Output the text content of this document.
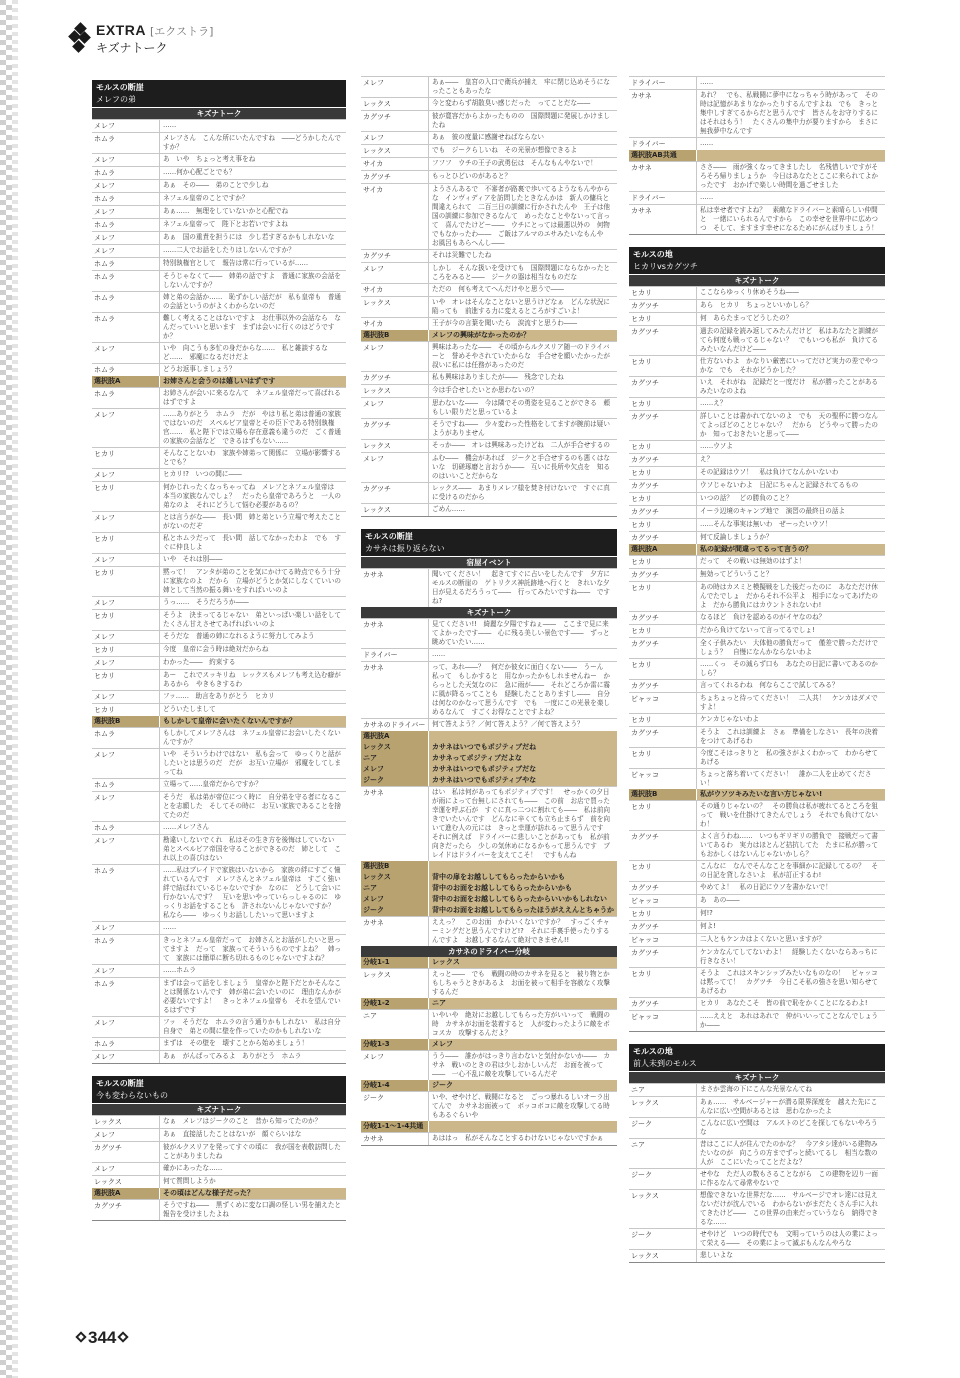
EXTRA [エクストラ]
キズナトーク
モルスの断崖
メレフの弟
キズナトーク
メレフ	……
ホムラ	メレフさん　こんな所にいたんですね　――どうかしたんですか？
メレフ	あ　いや　ちょっと考え事をね
ホムラ	……何か心配ごとでも？
メレフ	あぁ　その――　弟のことで少しね
ホムラ	ネフェル皇帝のことですか？
メレフ	あぁ……　無理をしていないかと心配でね
ホムラ	ネフェル皇帝って　陛下とお若いですよね
メレフ	あぁ　国の重責を担うには　少し若すぎるかもしれないな
メレフ	……二人でお話をしたりはしないんですか？
ホムラ	特別執権官として　報告は常に行っているが……
ホムラ	そうじゃなくて――　姉弟の話ですよ　普通に家族の会話をしないんですか？
ホムラ	姉と弟の会話か……　恥ずかしい話だが　私も皇帝も　普通の会話というのがよくわからないのだ
ホムラ	難しく考えることはないですよ　お仕事以外の会話なら　なんだっていいと思います　まずは会いに行くのはどうですか？
メレフ	いや　向こうも多忙の身だからな……　私と雑談するなど……　邪魔になるだけだよ
ホムラ	どうお返事しましょう？
選択肢A	お姉さんと会うのは嬉しいはずです
ホムラ	お姉さんが会いに来るなんて　ネフェル皇帝だって喜ばれるはずですよ
メレフ	……ありがとう　ホムラ　だが　やはり私と弟は普通の家族ではないのだ　スペルビア皇帝とその臣下である特別執権官……　私と陛下では立場も存在意義も違うのだ　ごく普通の家族の会話など　できるはずもない……
ヒカリ	そんなことないわ　家族や姉弟って関係に　立場が影響するとでも？
メレフ	ヒカリ!?　いつの間に――
ヒカリ	何かじれったくなっちゃってね　メレフとネフェル皇帝は　本当の家族なんでしょ？　だったら皇帝であろうと　一人の弟なのよ　それにどうして悩む必要があるの？
メレフ	とは言うがな――　長い間　姉と弟という立場で考えたことがないのだぞ
ヒカリ	私とホムラだって　長い間　話してなかったわよ　でも　すぐに仲良しよ
メレフ	いや　それは別――
ヒカリ	黙って！　アンタが弟のことを気にかけてる時点でもう十分に家族なのよ　だから　立場がどうとか気にしなくていいの　姉として当然の振る舞いをすればいいのよ
メレフ	うっ……　そうだろうか――
ヒカリ	そうよ　決まってるじゃない　弟といっぱい楽しい話をして　たくさん甘えさせてあげればいいのよ
メレフ	そうだな　普通の姉になれるように努力してみよう
ヒカリ	今度　皇帝に会う時は絶対だからね
メレフ	わかった――　約束する
ヒカリ	あー　これでスッキリね　レックスもメレフも考え込む癖があるから　やきもきするわ
メレフ	フッ……　助言をありがとう　ヒカリ
ヒカリ	どういたしまして
選択肢B	もしかして皇帝に会いたくないんですか？
ホムラ	もしかしてメレフさんは　ネフェル皇帝にお会いしたくないんですか？
メレフ	いや　そういうわけではない　私も会って　ゆっくりと話がしたいとは思うのだ　だが　お互い立場が　邪魔をしてしまってね
ホムラ	立場って……皇帝だからですか？
メレフ	そうだ　私は弟が帝位につく時に　自分弟を守る者になることを志願した　そしてその時に　お互い家族であることを捨てたのだ
ホムラ	……メレフさん
メレフ	勘違いしないでくれ　私はその生き方を後悔はしていない　弟とスペルビア帝国を守ることができるのだ　姉として　これ以上の喜びはない
ホムラ	……私はブレイドで家族はいないから　家族の絆にすごく憧れているんです　メレフさんとネフェル皇帝は　すごく強い絆で結ばれているじゃないですか　なのに　どうして会いに行かないんです？　互いを思いやっていらっしゃるのに　ゆっくりお話をすることも　許されないんじゃないですか？　私なら――　ゆっくりお話ししたいって思いますよ
メレフ	……
ホムラ	きっとネフェル皇帝だって　お姉さんとお話がしたいと思ってますよ　だって　家族ってそういうものですよね？　姉って　家族には簡単に断ち切れるものじゃないですよね？
メレフ	……ホムラ
ホムラ	まずは会って話をしましょう　皇帝かと陛下だとかそんなことは関係ないんです　姉が弟に会いたいのに　理由なんかが必要ないですよ！　きっとネフェル皇帝も　それを望んでいるはずです
メレフ	フッ　そうだな　ホムラの言う通りかもしれない　私は自分自身で　弟との間に壁を作っていたのかもしれないな
ホムラ	まずは　その壁を　壊すことから始めましょう！
メレフ	あぁ　がんばってみるよ　ありがとう　ホムラ
モルスの断崖
今も変わらないもの
キズナトーク
レックス	なぁ　メレフはジークのこと　昔から知ってたのか？
メレフ	あぁ　直接話したことはないが　顔ぐらいはな
カグツチ	彼がルクスリアを発ってすぐの頃に　我が国を表敬訪問したことがありましたね
メレフ	確かにあったな……
レックス	何て質問しようか
選択肢A	その頃はどんな様子だった？
カグツチ	そうですね――　黒ずくめに変な口調の怪しい男を捕えたと　報告を受けましたよね
メレフ	あぁ――　皇宮の入口で衛兵が捕え　牢に閉じ込めそうになったこともあったな
レックス	今と変わらず胡散臭い感じだった　ってことだな――
カグツチ	彼が寛容だからよかったものの　国際問題に発展しかけましたね
メレフ	あぁ　彼の度量に感謝せねばならない
レックス	でも　ジークらしいね　その光景が想像できるよ
サイカ	フフフ　ウチの王子の武勇伝は　そんなもんやないで！
カグツチ	もっとひどいのがあると？
サイカ	ようさんあるで　不審者が路裏で歩いてるようなもんやからな　インヴィディアを訪問したときなんかは　新人の傭兵と間違えられて　二百三日の訓練に行かされたんや　王子は他国の訓練に参加できるなんて　めったなことやないって言って　喜んでたけどー――　ウチにとっては最悪以外の　何物でもなかったわ――　ご飯はアルマのエサみたいなもんや　お風呂もあらへんし――
カグツチ	それは災難でしたね
メレフ	しかし　そんな扱いを受けても　国際問題にならなかったところをみると――　ジークの器は相当なものだな
サイカ	ただの　何も考えてへんだけやと思うで――
レックス	いや　オレはそんなことないと思うけどなぁ　どんな状況に陥っても　前進する力に変えるところがすごいよ！
サイカ	王子が今の言葉を聞いたら　涙流すと思うわ――
選択肢B	メレフの興味がなかったのか？
メレフ	興味はあったな――　その頃からルクスリア随一のドライバーと　誉めそやされていたからな　手合せを願いたかったが　叔いに私には任務があったのだ
カグツチ	私も興味はありましたが――　残念でしたね
レックス	今は手合せしたいとか思わないの？
メレフ	思わないな――　今は隣でその勇姿を見ることができる　頼もしい限りだと思っているよ
カグツチ	そうですね――　少々変わった性格をしてますが腕前は疑いようがありません
レックス	そっか――　オレは興味あったけどね　二人が手合せするの
メレフ	ふむ――　機会があれば　ジークと手合せするのも悪くはないな　切磋琢磨と言おうか――　互いに長所や欠点を　知るのはいいことだからな
カグツチ	レックス――　あまりメレフ様を焚き付けないで　すぐに真に受けるのだから
レックス	ごめん……
モルスの断崖
カサネは振り返らない
宿屋イベント
カサネ	聞いてください！　起きてすぐに占いをしたんです　夕方にモルスの断崖の　ゲトリクス神託跡地へ行くと　きれいな夕日が見えるだろうって――　行ってみたいですね――　ですね?
キズナトーク
カサネ	見てください!!　綺麗な夕陽ですねぇ――　ここまで見に来てよかったです――　心に残る美しい景色です――　ずっと眺めていたい……
ドライバー	……
カサネ	って、あれ――？　何だか彼女に面白くない――　うーん　私って　もしかすると　用なかったかもしれませんねー　からっとした天気なのに　急に雨が――　それどころか雷に霧に風が降るってことも　経験したことありますし――　自分は何なのかなって思うんです　でも　一度にこの光景を楽しめるなんて　すごくお得なことですよね？
カサネのドライバー	何て答えよう？／何て答えよう？／何て答えよう？
選択肢A
レックス	カサネはいつでもポジティブだね
ニア	カサネってポジティブだよな
メレフ	カサネはいつでもポジティブだな
ジーク	カサネはいつでもポジティブやな
カサネ	はい　私は何があってもポジティブです！　せっかくの夕日が雨によって台無しにされても――　この前　お店で買った幸運を呼ぶ石が　すぐに真っ二つに割れても――　私は前向きでいたいんです　どんなに辛くても立ち止まらず　前を向いて進む人の元には　きっと幸運が訪れるって思うんです　それに例えば　ドライバーに悲しいことがあっても　私が前向きだったら　少しの気休めになるかもって思うんです　ブレイドはドライバーを支えてこそ！　ですもんね
選択肢B
レックス	背中の扉をお越ししてもらったからいかも
ニア	背中のお面をお越ししてもらったからいかも
メレフ	背中のお面をお越ししてもらったからいいかもしれない
ジーク	背中のお面をお越ししてもらったほうがええんとちゃうか
カサネ	ええっ？　このお面　かわいくないですか？　すっごくチャーミングだと思うんですけど!?　それに手裏手使ったりするんですよ　お越しするなんて絶対できません!!
カサネのドライバー分岐
分岐1-1	レックス
レックス	えっと――　でも　戦闘の時のカサネを見ると　被り物とかもしちゃうときがあるよ　お面を被って相手を容赦なく攻撃するんだ
分岐1-2	ニア
ニア	いやいや　絶対にお越ししてもらった方がいいって　戦闘の時　カサネがお面を装着すると　人が変わったように敵をボコスカ　攻撃するんだよ？
分岐1-3	メレフ
メレフ	うう――　誰かがはっきり言わないと気付かないか――　カサネ　戦いのときの君は少しおかしいんだ　お面を被って――　一心不乱に敵を攻撃しているんだぞ
分岐1-4	ジーク
ジーク	いや、せやけど、戦闘になると　ごっつ暴れるしいオーラ出てんで　カサネお面被って　ボッコボコに敵を攻撃してる時もあるぐらいや
分岐1-1～1-4共通
カサネ	あははっ　私がそんなことするわけないじゃないですかぁ
ドライバー	……
カサネ	あれ？　でも、私戦闘に夢中になっちゃう時があって　その時は記憶があまりなかったりするんですよね　でも　きっと集中しすぎてるからだと思うんです　皆さんをお守りするにはそれはもう！　たくさんの集中力が要りますから　まさに無我夢中なんです
ドライバー	……
選択肢AB共通
カサネ	ささ――　雨が強くなってきましたし　名残惜しいですがそろそろ帰りましょうか　今日はあなたとここに来られてよかったです　おかげで楽しい時間を過ごせました
ドライバー	……
カサネ	私は幸せ者ですよね？　素敵なドライバーと素晴らしい仲間と　一緒にいられるんですから　この幸せを世界中に広めつつ　そして、ますます幸せになるためにがんばりましょう！
モルスの地
ヒカリvsカグツチ
キズナトーク
ヒカリ	ここならゆっくり休めそうね――
カグツチ	あら　ヒカリ　ちょっといいかしら？
ヒカリ	何　あらたまってどうしたの？
カグツチ	過去の記録を読み返してみたんだけど　私はあなたと訓練がてら何度も戦ってるじゃない？　でもいつも私が　負けてるみたいなんだけど――
ヒカリ	仕方ないわよ　かなりい厳密にいってだけど実力の差でやつかな　でも　それがどうかした？
カグツチ	いえ　それがね　記録だと一度だけ　私が勝ったことがあるみたいなのよね
ヒカリ	……え？
カグツチ	詳しいことは書かれてないのよ　でも　天の聖杯に勝つなんてよっぽどのことじゃない？　だから　どうやって勝ったのか　知っておきたいと思って――
ヒカリ	……ウソよ
カグツチ	え？
ヒカリ	その記録はウソ！　私は負けてなんかいないわ
カグツチ	ウソじゃないわよ　日記にちゃんと記録されてるもの
ヒカリ	いつの話？　どの勝負のこと？
カグツチ	イーラ辺境のキャンプ地で　演習の最終日の話よ
ヒカリ	……そんな事実は無いわ　ぜーったいウソ！
カグツチ	何て反論しましょうか？
選択肢A	私の記録が間違ってるって言うの？
ヒカリ	だって　その戦いは無効のはずよ！
カグツチ	無効ってどういうこと？
ヒカリ	あの時はカスミと模擬戦をした後だったのに　あなただけ休んでたでしょ　だからそれ不公平よ　相手になってあげたのよ　だから勝負にはカウントされないわ!
カグツチ	なるほど　負けを認めるのがイヤなのね？
ヒカリ	だから負けてないって言ってるでしょ!
カグツチ	全く子供みたい　大体他の勝負だって　僅差で勝っただけでしょう？　自慢になんかならないわよ
ヒカリ	……くっ　その減らず口も　あなたの日記に書いてあるのかしら？
カグツチ	言ってくれるわね　何ならここで試してみる？
ビャッコ	ちょちょっと待ってください！　二人共！　ケンカはダメですよ！
ヒカリ	ケンカじゃないわよ
カグツチ	そうよ　これは訓練よ　さぁ　準備をしなさい　長年の決着をつけてあげるわ
ヒカリ	今度こそはっきりと　私の強さがよくわかって　わからせてあげる
ビャッコ	ちょっと落ち着いてください！　誰か二人を止めてください！
選択肢B	私がウソツキみたいな言い方じゃない!
ヒカリ	その通りじゃないの？　その勝負は私が疲れてるところを狙って　戦いを仕掛けてきたんでしょう　それでも負けてないわ！
カグツチ	よく言うわね……　いつもギリギリの勝負で　接戦だって書いてあるわ　実力はほとんど拮抗してた　たまに私が勝ってもおかしくはないんじゃないかしら？
ヒカリ	こんなに　なんでそんなことを事細かに記録してるの？　その日記を貸しなさいよ　私が訂正するわ!
カグツチ	やめてよ！　私の日記にウソを書かないで！
ビャッコ	あ　あの――
ヒカリ	何!?
カグツチ	何よ!
ビャッコ	二人ともケンカはよくないと思いますが？
カグツチ	ケンカなんてしてないわよ！　経験したくないならあっちに行きなさい！
ヒカリ	そうよ　これはスキンシップみたいなものなの！　ビャッコは黙ってて！　カグツチ　今日こそ私の強さを思い知らせてあげるわ
カグツチ	ヒカリ　あなたこそ　皆の前で恥をかくことになるわよ!
ビャッコ	……ええと　あれはあれで　仲がいいってことなんでしょうか――
モルスの地
前人未到のモルス
キズナトーク
ニア	まさか雲海の下にこんな光景なんてね
レックス	あぁ……　サルベージャーが潜る限界深度を　越えた先にこんなに広い空間があるとは　思わなかったよ
ジーク	こんなに広い空間は　アルストのどこを探してもないやろうな
ニア	昔はここに人が住んでたのかな？　今アタシ達がいる建物みたいなのが　向こうの方までずっと続いてるし　相当な数の人が　ここにいたってことだよな？
ジーク	せやな　ただ人の数もさることながら　この建物を辺り一面に作るなんて尋常やないで
レックス	想像できないな世界だな……　サルベージでオレ達には見えないだけが沈んでいる　わからないがまだたくさん手に入れてきたけど――　この世界の由来だっていうなら　納得できるな……
ジーク	せやけど　いつの時代でも　文明っていうのは人の業によって栄える――　その業によって滅ぶもんなんやろな
レックス	悲しいよな
344
